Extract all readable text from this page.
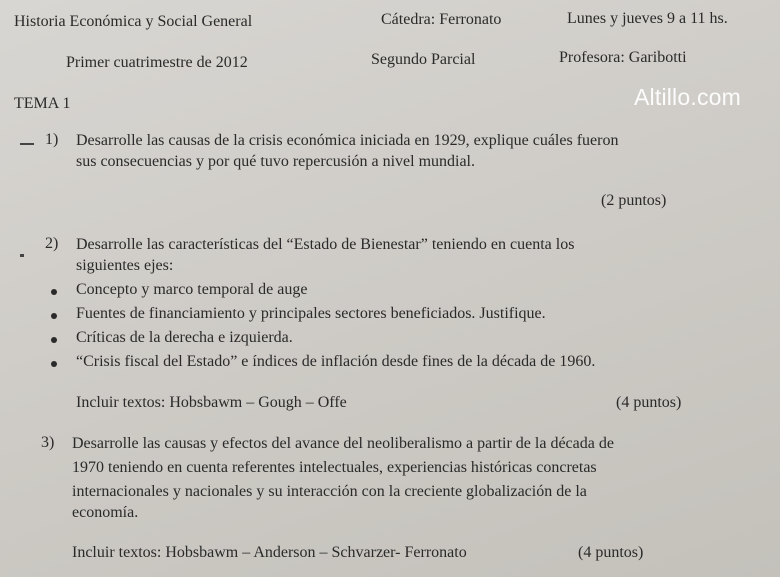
Historia Económica y Social General	Cátedra: Ferronato	Lunes y jueves 9 a 11 hs.
Primer cuatrimestre de 2012	Segundo Parcial	Profesora: Garibotti
TEMA 1	Altillo.com
1) Desarrolle las causas de la crisis económica iniciada en 1929, explique cuáles fueron
sus consecuencias y por qué tuvo repercusión a nivel mundial.
(2 puntos)
2) Desarrolle las características del “Estado de Bienestar” teniendo en cuenta los
siguientes ejes:
Concepto y marco temporal de auge
Fuentes de financiamiento y principales sectores beneficiados. Justifique.
Críticas de la derecha e izquierda.
“Crisis fiscal del Estado” e índices de inflación desde fines de la década de 1960.
Incluir textos: Hobsbawm – Gough – Offe	(4 puntos)
3) Desarrolle las causas y efectos del avance del neoliberalismo a partir de la década de
1970 teniendo en cuenta referentes intelectuales, experiencias históricas concretas
internacionales y nacionales y su interacción con la creciente globalización de la
economía.
Incluir textos: Hobsbawm – Anderson – Schvarzer- Ferronato	(4 puntos)
